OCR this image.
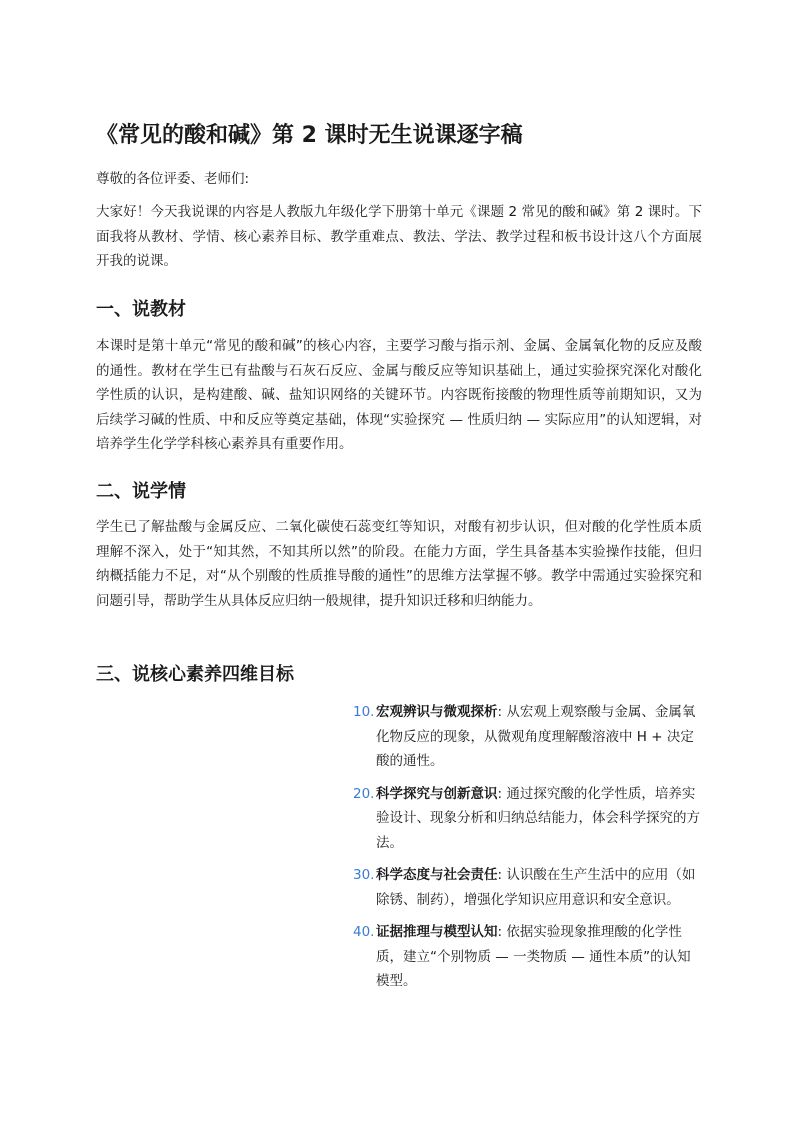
《常见的酸和碱》第 2 课时无生说课逐字稿

尊敬的各位评委、老师们:

大家好！今天我说课的内容是人教版九年级化学下册第十单元《课题 2 常见的酸和碱》第 2 课时。下面我将从教材、学情、核心素养目标、教学重难点、教法、学法、教学过程和板书设计这八个方面展开我的说课。

一、说教材

本课时是第十单元“常见的酸和碱”的核心内容，主要学习酸与指示剂、金属、金属氧化物的反应及酸的通性。教材在学生已有盐酸与石灰石反应、金属与酸反应等知识基础上，通过实验探究深化对酸化学性质的认识，是构建酸、碱、盐知识网络的关键环节。内容既衔接酸的物理性质等前期知识，又为后续学习碱的性质、中和反应等奠定基础，体现“实验探究 — 性质归纳 — 实际应用”的认知逻辑，对培养学生化学学科核心素养具有重要作用。

二、说学情

学生已了解盐酸与金属反应、二氧化碳使石蕊变红等知识，对酸有初步认识，但对酸的化学性质本质理解不深入，处于“知其然，不知其所以然”的阶段。在能力方面，学生具备基本实验操作技能，但归纳概括能力不足，对“从个别酸的性质推导酸的通性”的思维方法掌握不够。教学中需通过实验探究和问题引导，帮助学生从具体反应归纳一般规律，提升知识迁移和归纳能力。

三、说核心素养四维目标
10. 宏观辨识与微观探析: 从宏观上观察酸与金属、金属氧化物反应的现象，从微观角度理解酸溶液中 H + 决定酸的通性。
20. 科学探究与创新意识: 通过探究酸的化学性质，培养实验设计、现象分析和归纳总结能力，体会科学探究的方法。
30. 科学态度与社会责任: 认识酸在生产生活中的应用（如除锈、制药），增强化学知识应用意识和安全意识。
40. 证据推理与模型认知: 依据实验现象推理酸的化学性质，建立“个别物质 — 一类物质 — 通性本质”的认知模型。
